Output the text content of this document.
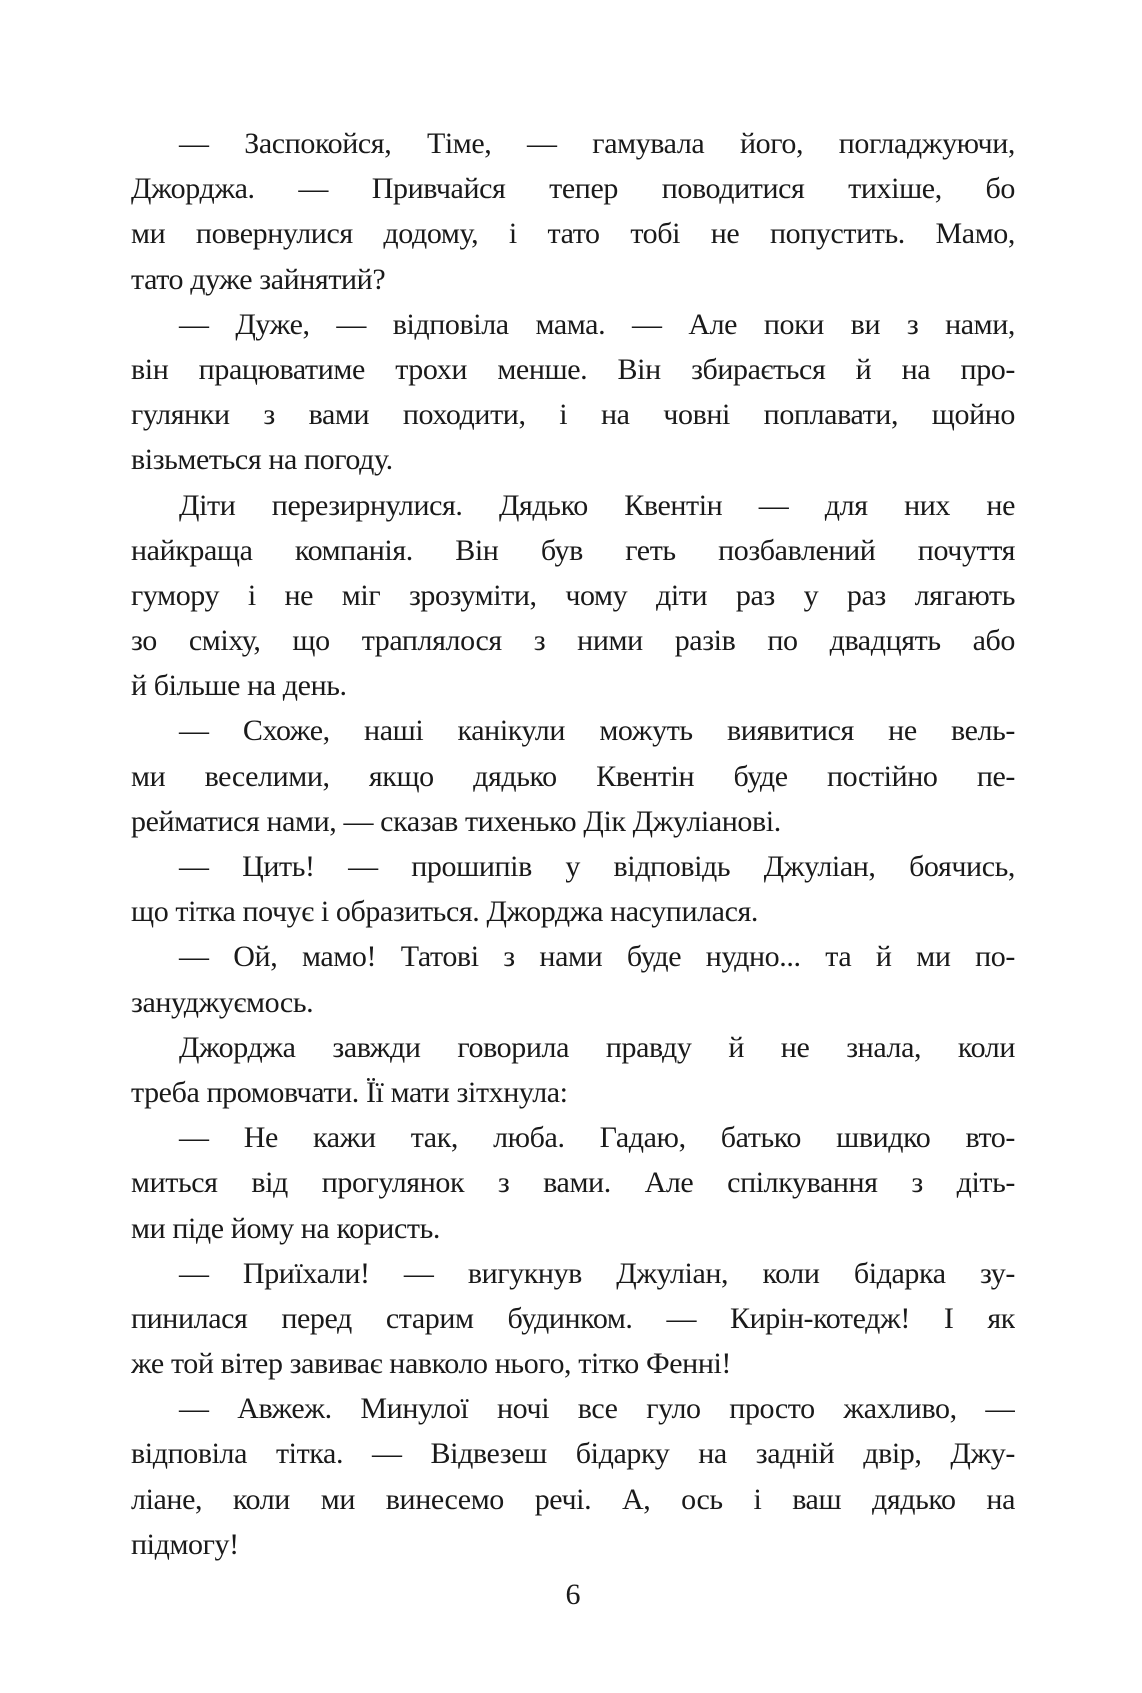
— Заспокойся, Тіме, — гамувала його, погладжуючи,
Джорджа. — Привчайся тепер поводитися тихіше, бо
ми повернулися додому, і тато тобі не попустить. Мамо,
тато дуже зайнятий?

— Дуже, — відповіла мама. — Але поки ви з нами,
він працюватиме трохи менше. Він збирається й на про-
гулянки з вами походити, і на човні поплавати, щойно
візьметься на погоду.

Діти перезирнулися. Дядько Квентін — для них не
найкраща компанія. Він був геть позбавлений почуття
гумору і не міг зрозуміти, чому діти раз у раз лягають
зо сміху, що траплялося з ними разів по двадцять або
й більше на день.

— Схоже, наші канікули можуть виявитися не вель-
ми веселими, якщо дядько Квентін буде постійно пе-
рейматися нами, — сказав тихенько Дік Джуліанові.

— Цить! — прошипів у відповідь Джуліан, боячись,
що тітка почує і образиться. Джорджа насупилася.

— Ой, мамо! Татові з нами буде нудно... та й ми по-
зануджуємось.

Джорджа завжди говорила правду й не знала, коли
треба промовчати. Її мати зітхнула:

— Не кажи так, люба. Гадаю, батько швидко вто-
миться від прогулянок з вами. Але спілкування з діть-
ми піде йому на користь.

— Приїхали! — вигукнув Джуліан, коли бідарка зу-
пинилася перед старим будинком. — Кирін-котедж! І як
же той вітер завиває навколо нього, тітко Фенні!

— Авжеж. Минулої ночі все гуло просто жахливо, —
відповіла тітка. — Відвезеш бідарку на задній двір, Джу-
ліане, коли ми винесемо речі. А, ось і ваш дядько на
підмогу!

6
